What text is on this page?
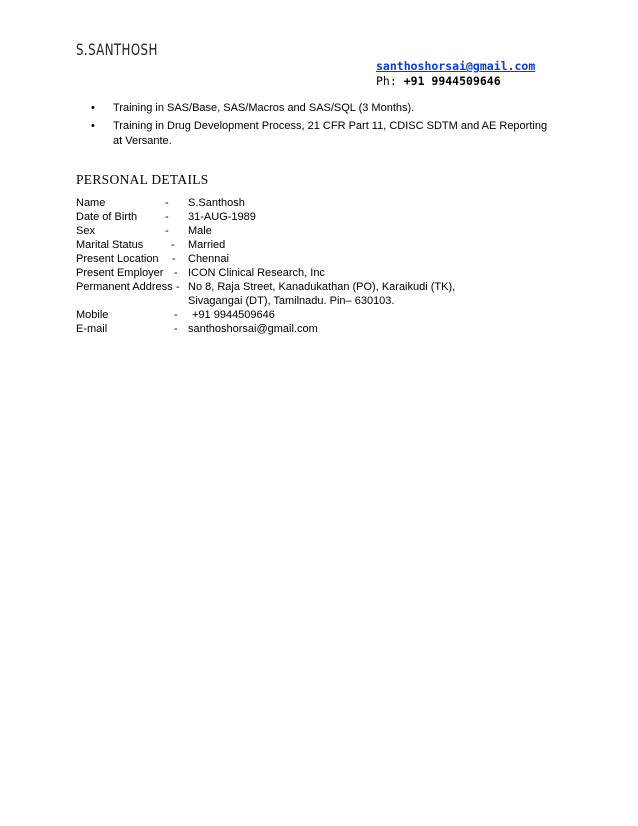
S.SANTHOSH
santhoshorsai@gmail.com
Ph: +91 9944509646
• Training in SAS/Base, SAS/Macros and SAS/SQL (3 Months).
• Training in Drug Development Process, 21 CFR Part 11, CDISC SDTM and AE Reporting at Versante.
PERSONAL DETAILS
Name	- S.Santhosh
Date of Birth	- 31-AUG-1989
Sex	- Male
Marital Status	- Married
Present Location - Chennai
Present Employer - ICON Clinical Research, Inc
Permanent Address - No 8, Raja Street, Kanadukathan (PO), Karaikudi (TK),
Sivagangai (DT), Tamilnadu. Pin– 630103.
Mobile	- +91 9944509646
E-mail	- santhoshorsai@gmail.com
